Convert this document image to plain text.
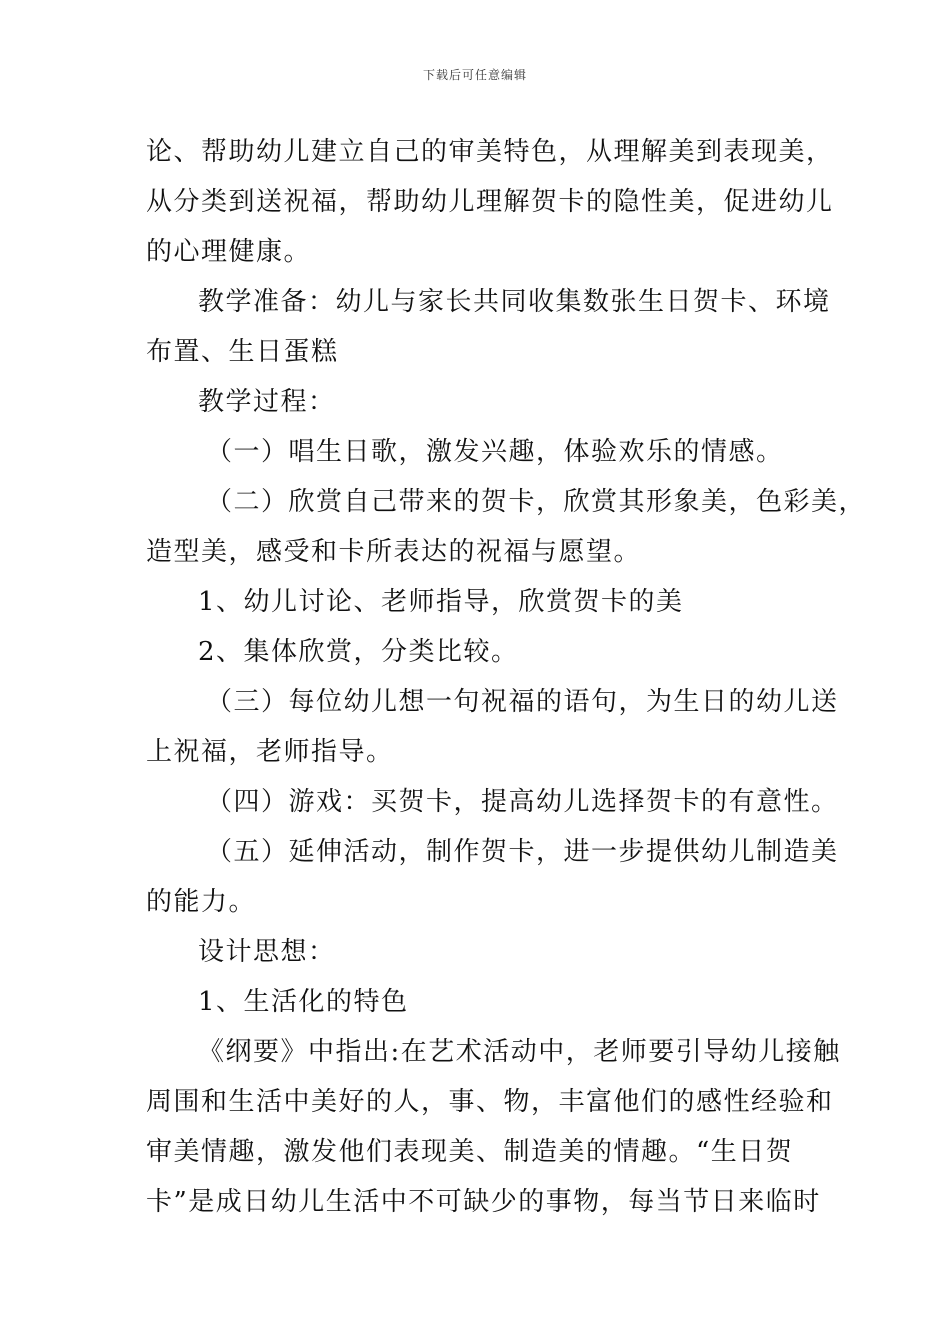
下载后可任意编辑
论、帮助幼儿建立自己的审美特色，从理解美到表现美，
从分类到送祝福，帮助幼儿理解贺卡的隐性美，促进幼儿
的心理健康。
教学准备：幼儿与家长共同收集数张生日贺卡、环境
布置、生日蛋糕
教学过程：
（一）唱生日歌，激发兴趣，体验欢乐的情感。
（二）欣赏自己带来的贺卡，欣赏其形象美，色彩美，
造型美，感受和卡所表达的祝福与愿望。
1、幼儿讨论、老师指导，欣赏贺卡的美
2、集体欣赏，分类比较。
（三）每位幼儿想一句祝福的语句，为生日的幼儿送
上祝福，老师指导。
（四）游戏：买贺卡，提高幼儿选择贺卡的有意性。
（五）延伸活动，制作贺卡，进一步提供幼儿制造美
的能力。
设计思想：
1、生活化的特色
《纲要》中指出:在艺术活动中，老师要引导幼儿接触
周围和生活中美好的人，事、物，丰富他们的感性经验和
审美情趣，激发他们表现美、制造美的情趣。“生日贺
卡”是成日幼儿生活中不可缺少的事物，每当节日来临时
